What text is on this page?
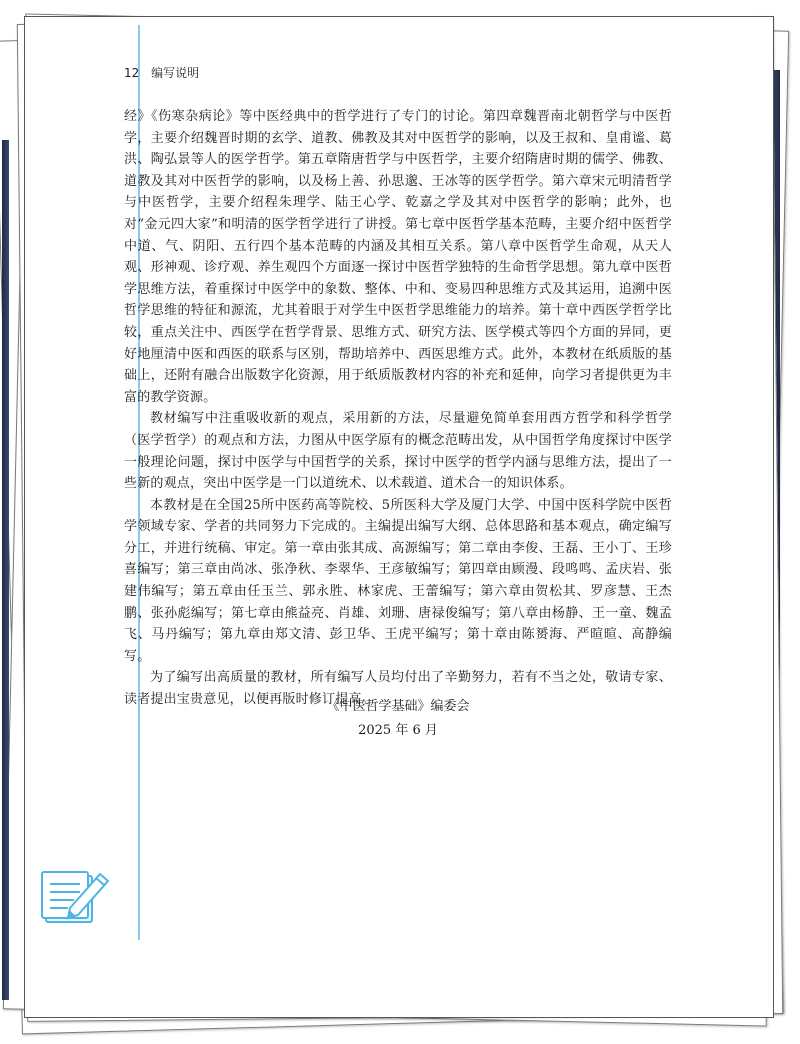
12 编写说明

经》《伤寒杂病论》等中医经典中的哲学进行了专门的讨论。第四章魏晋南北朝哲学与中医哲学，主要介绍魏晋时期的玄学、道教、佛教及其对中医哲学的影响，以及王叔和、皇甫谧、葛洪、陶弘景等人的医学哲学。第五章隋唐哲学与中医哲学，主要介绍隋唐时期的儒学、佛教、道教及其对中医哲学的影响，以及杨上善、孙思邈、王冰等的医学哲学。第六章宋元明清哲学与中医哲学，主要介绍程朱理学、陆王心学、乾嘉之学及其对中医哲学的影响；此外，也对“金元四大家”和明清的医学哲学进行了讲授。第七章中医哲学基本范畴，主要介绍中医哲学中道、气、阴阳、五行四个基本范畴的内涵及其相互关系。第八章中医哲学生命观，从天人观、形神观、诊疗观、养生观四个方面逐一探讨中医哲学独特的生命哲学思想。第九章中医哲学思维方法，着重探讨中医学中的象数、整体、中和、变易四种思维方式及其运用，追溯中医哲学思维的特征和源流，尤其着眼于对学生中医哲学思维能力的培养。第十章中西医学哲学比较，重点关注中、西医学在哲学背景、思维方式、研究方法、医学模式等四个方面的异同，更好地厘清中医和西医的联系与区别，帮助培养中、西医思维方式。此外，本教材在纸质版的基础上，还附有融合出版数字化资源，用于纸质版教材内容的补充和延伸，向学习者提供更为丰富的教学资源。

教材编写中注重吸收新的观点，采用新的方法，尽量避免简单套用西方哲学和科学哲学（医学哲学）的观点和方法，力图从中医学原有的概念范畴出发，从中国哲学角度探讨中医学一般理论问题，探讨中医学与中国哲学的关系，探讨中医学的哲学内涵与思维方法，提出了一些新的观点，突出中医学是一门以道统术、以术载道、道术合一的知识体系。

本教材是在全国25所中医药高等院校、5所医科大学及厦门大学、中国中医科学院中医哲学领域专家、学者的共同努力下完成的。主编提出编写大纲、总体思路和基本观点，确定编写分工，并进行统稿、审定。第一章由张其成、高源编写；第二章由李俊、王磊、王小丁、王珍喜编写；第三章由尚冰、张净秋、李翠华、王彦敏编写；第四章由顾漫、段鸣鸣、孟庆岩、张建伟编写；第五章由任玉兰、郭永胜、林家虎、王蕾编写；第六章由贺松其、罗彦慧、王杰鹏、张孙彪编写；第七章由熊益亮、肖雄、刘珊、唐禄俊编写；第八章由杨静、王一童、魏孟飞、马丹编写；第九章由郑文清、彭卫华、王虎平编写；第十章由陈赟海、严暄暄、高静编写。

为了编写出高质量的教材，所有编写人员均付出了辛勤努力，若有不当之处，敬请专家、读者提出宝贵意见，以便再版时修订提高。

《中医哲学基础》编委会
2025 年 6 月
